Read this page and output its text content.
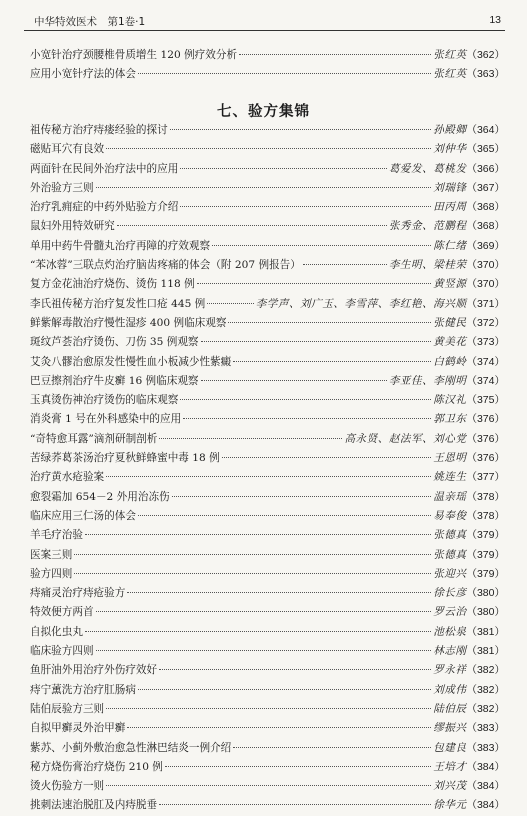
中华特效医术　第1卷·1	13
小宽针治疗颈腰椎骨质增生 120 例疗效分析	张红英 （362）
应用小宽针疗法的体会	张红英 （363）
七、验方集锦
祖传秘方治疗痔瘘经验的探讨	孙殿卿 （364）
磁贴耳穴有良效	刘仲华 （365）
两面针在民间外治疗法中的应用	葛爱发、葛桃发 （366）
外治验方三则	刘瑞锋 （367）
治疗乳痈症的中药外贴验方介绍	田丙周 （368）
鼠妇外用特效研究	张秀金、范鹏程 （368）
单用中药牛骨髓丸治疗再障的疗效观察	陈仁绪 （369）
“苯冰蓉”三联点灼治疗脑齿疼痛的体会（附 207 例报告）	李生明、梁桂荣 （370）
复方金花油治疗烧伤、烫伤 118 例	黄竖源 （370）
李氏祖传秘方治疗复发性口疮 445 例	李学声、刘广玉、李雪萍、李红艳、海兴顺 （371）
鲜紫解毒散治疗慢性湿疹 400 例临床观察	张健民 （372）
斑纹芦荟治疗烫伤、刀伤 35 例观察	黄美花 （373）
艾灸八髎治愈原发性慢性血小板减少性紫癜	白鹤岭 （374）
巴豆擦剂治疗牛皮癣 16 例临床观察	李亚佳、李刚明 （374）
玉真烫伤神治疗烫伤的临床观察	陈汉礼 （375）
消炎膏 1 号在外科感染中的应用	郭卫东 （376）
“奇特愈耳露”滴剂研制剖析	高永贤、赵法军、刘心党 （376）
苦绿荞葛茶汤治疗夏秋鲜蜂蜜中毒 18 例	王恩明 （376）
治疗黄水疮验案	姚连生 （377）
愈裂霜加 654－2 外用治冻伤	温亲瑶 （378）
临床应用三仁汤的体会	易奉俊 （378）
羊毛疗治验	张德真 （379）
医案三则	张德真 （379）
验方四则	张迎兴 （379）
痔痛灵治疗痔疮验方	徐长彦 （380）
特效便方两首	罗云治 （380）
自拟化虫丸	池松泉 （381）
临床验方四则	林志刚 （381）
鱼肝油外用治疗外伤疗效好	罗永祥 （382）
痔宁薰洗方治疗肛肠病	刘成伟 （382）
陆伯辰验方三则	陆伯辰 （382）
自拟甲癣灵外治甲癣	缪振兴 （383）
紫苏、小蓟外敷治愈急性淋巴结炎一例介绍	包建良 （383）
秘方烧伤膏治疗烧伤 210 例	王培才 （384）
烫火伤验方一则	刘兴茂 （384）
挑刺法速治脱肛及内痔脱垂	徐华元 （384）
